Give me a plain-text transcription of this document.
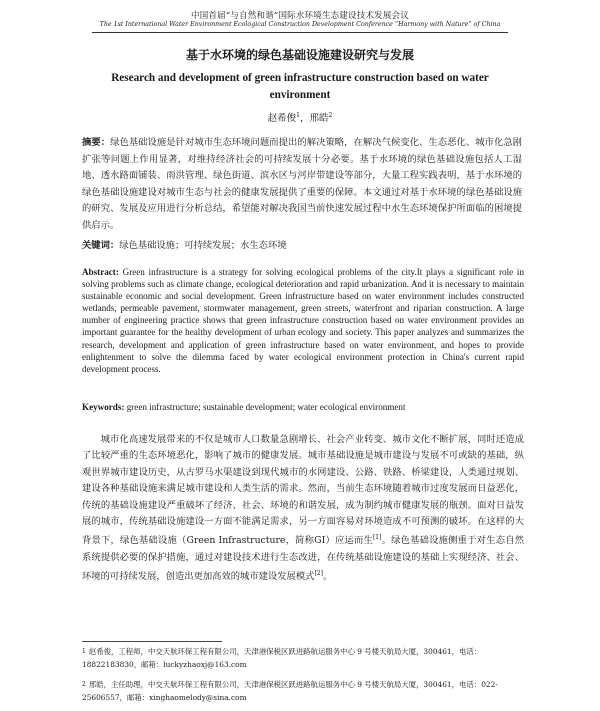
中国首届“与自然和谐”国际水环境生态建设技术发展会议
The 1st International Water Environment Ecological Construction Development Conference “Harmony with Nature” of China
基于水环境的绿色基础设施建设研究与发展
Research and development of green infrastructure construction based on water environment
赵希俊$^1$，邢皓$^2$
摘要：绿色基础设施是针对城市生态环境问题而提出的解决策略，在解决气候变化、生态恶化、城市化急剧扩张等问题上作用显著，对维持经济社会的可持续发展十分必要。基于水环境的绿色基础设施包括人工湿地、透水路面铺装、雨洪管理、绿色街道、滨水区与河岸带建设等部分，大量工程实践表明，基于水环境的绿色基础设施建设对城市生态与社会的健康发展提供了重要的保障。本文通过对基于水环境的绿色基础设施的研究、发展及应用进行分析总结，希望能对解决我国当前快速发展过程中水生态环境保护所面临的困境提供启示。
关键词：绿色基础设施；可持续发展；水生态环境
Abstract: Green infrastructure is a strategy for solving ecological problems of the city.It plays a significant role in solving problems such as climate change, ecological deterioration and rapid urbanization. And it is necessary to maintain sustainable economic and social development. Green infrastructure based on water environment includes constructed wetlands, permeable pavement, stormwater management, green streets, waterfront and riparian construction. A large number of engineering practice shows that green infrastructure construction based on water environment provides an important guarantee for the healthy development of urban ecology and society. This paper analyzes and summarizes the research, development and application of green infrastructure based on water environment, and hopes to provide enlightenment to solve the dilemma faced by water ecological environment protection in China's current rapid development process.
Keywords: green infrastructure; sustainable development; water ecological environment

城市化高速发展带来的不仅是城市人口数量急剧增长、社会产业转变、城市文化不断扩展，同时还造成了比较严重的生态环境恶化，影响了城市的健康发展。城市基础设施是城市建设与发展不可或缺的基础，纵观世界城市建设历史，从古罗马水渠建设到现代城市的水网建设、公路、铁路、桥梁建设，人类通过规划、建设各种基础设施来满足城市建设和人类生活的需求。然而，当前生态环境随着城市过度发展而日益恶化，传统的基础设施建设严重破坏了经济、社会、环境的和谐发展，成为制约城市健康发展的瓶颈。面对日益发展的城市，传统基础设施建设一方面不能满足需求，另一方面容易对环境造成不可预测的破坏。在这样的大背景下，绿色基础设施（Green Infrastructure，简称GI）应运而生[1]。绿色基础设施侧重于对生态自然系统提供必要的保护措施，通过对建设技术进行生态改进，在传统基础设施建设的基础上实现经济、社会、环境的可持续发展，创造出更加高效的城市建设发展模式[2]。

$^1$ 赵希俊，工程师，中交天航环保工程有限公司，天津港保税区跃进路航运服务中心 9 号楼天航局大厦，300461，电话：18822183830，邮箱：luckyzhaoxj@163.com
$^2$ 邢皓，主任助理，中交天航环保工程有限公司，天津港保税区跃进路航运服务中心 9 号楼天航局大厦，300461，电话：022-25606557，邮箱：xinghaomelody@sina.com
